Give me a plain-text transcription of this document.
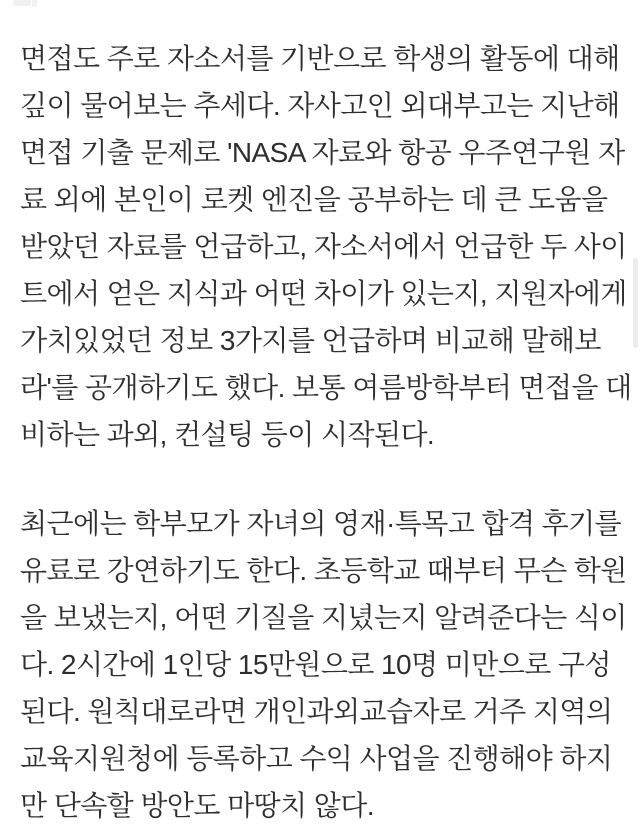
면접도 주로 자소서를 기반으로 학생의 활동에 대해
깊이 물어보는 추세다. 자사고인 외대부고는 지난해
면접 기출 문제로 'NASA 자료와 항공 우주연구원 자
료 외에 본인이 로켓 엔진을 공부하는 데 큰 도움을
받았던 자료를 언급하고, 자소서에서 언급한 두 사이
트에서 얻은 지식과 어떤 차이가 있는지, 지원자에게
가치있었던 정보 3가지를 언급하며 비교해 말해보
라'를 공개하기도 했다. 보통 여름방학부터 면접을 대
비하는 과외, 컨설팅 등이 시작된다.
최근에는 학부모가 자녀의 영재·특목고 합격 후기를
유료로 강연하기도 한다. 초등학교 때부터 무슨 학원
을 보냈는지, 어떤 기질을 지녔는지 알려준다는 식이
다. 2시간에 1인당 15만원으로 10명 미만으로 구성
된다. 원칙대로라면 개인과외교습자로 거주 지역의
교육지원청에 등록하고 수익 사업을 진행해야 하지
만 단속할 방안도 마땅치 않다.
